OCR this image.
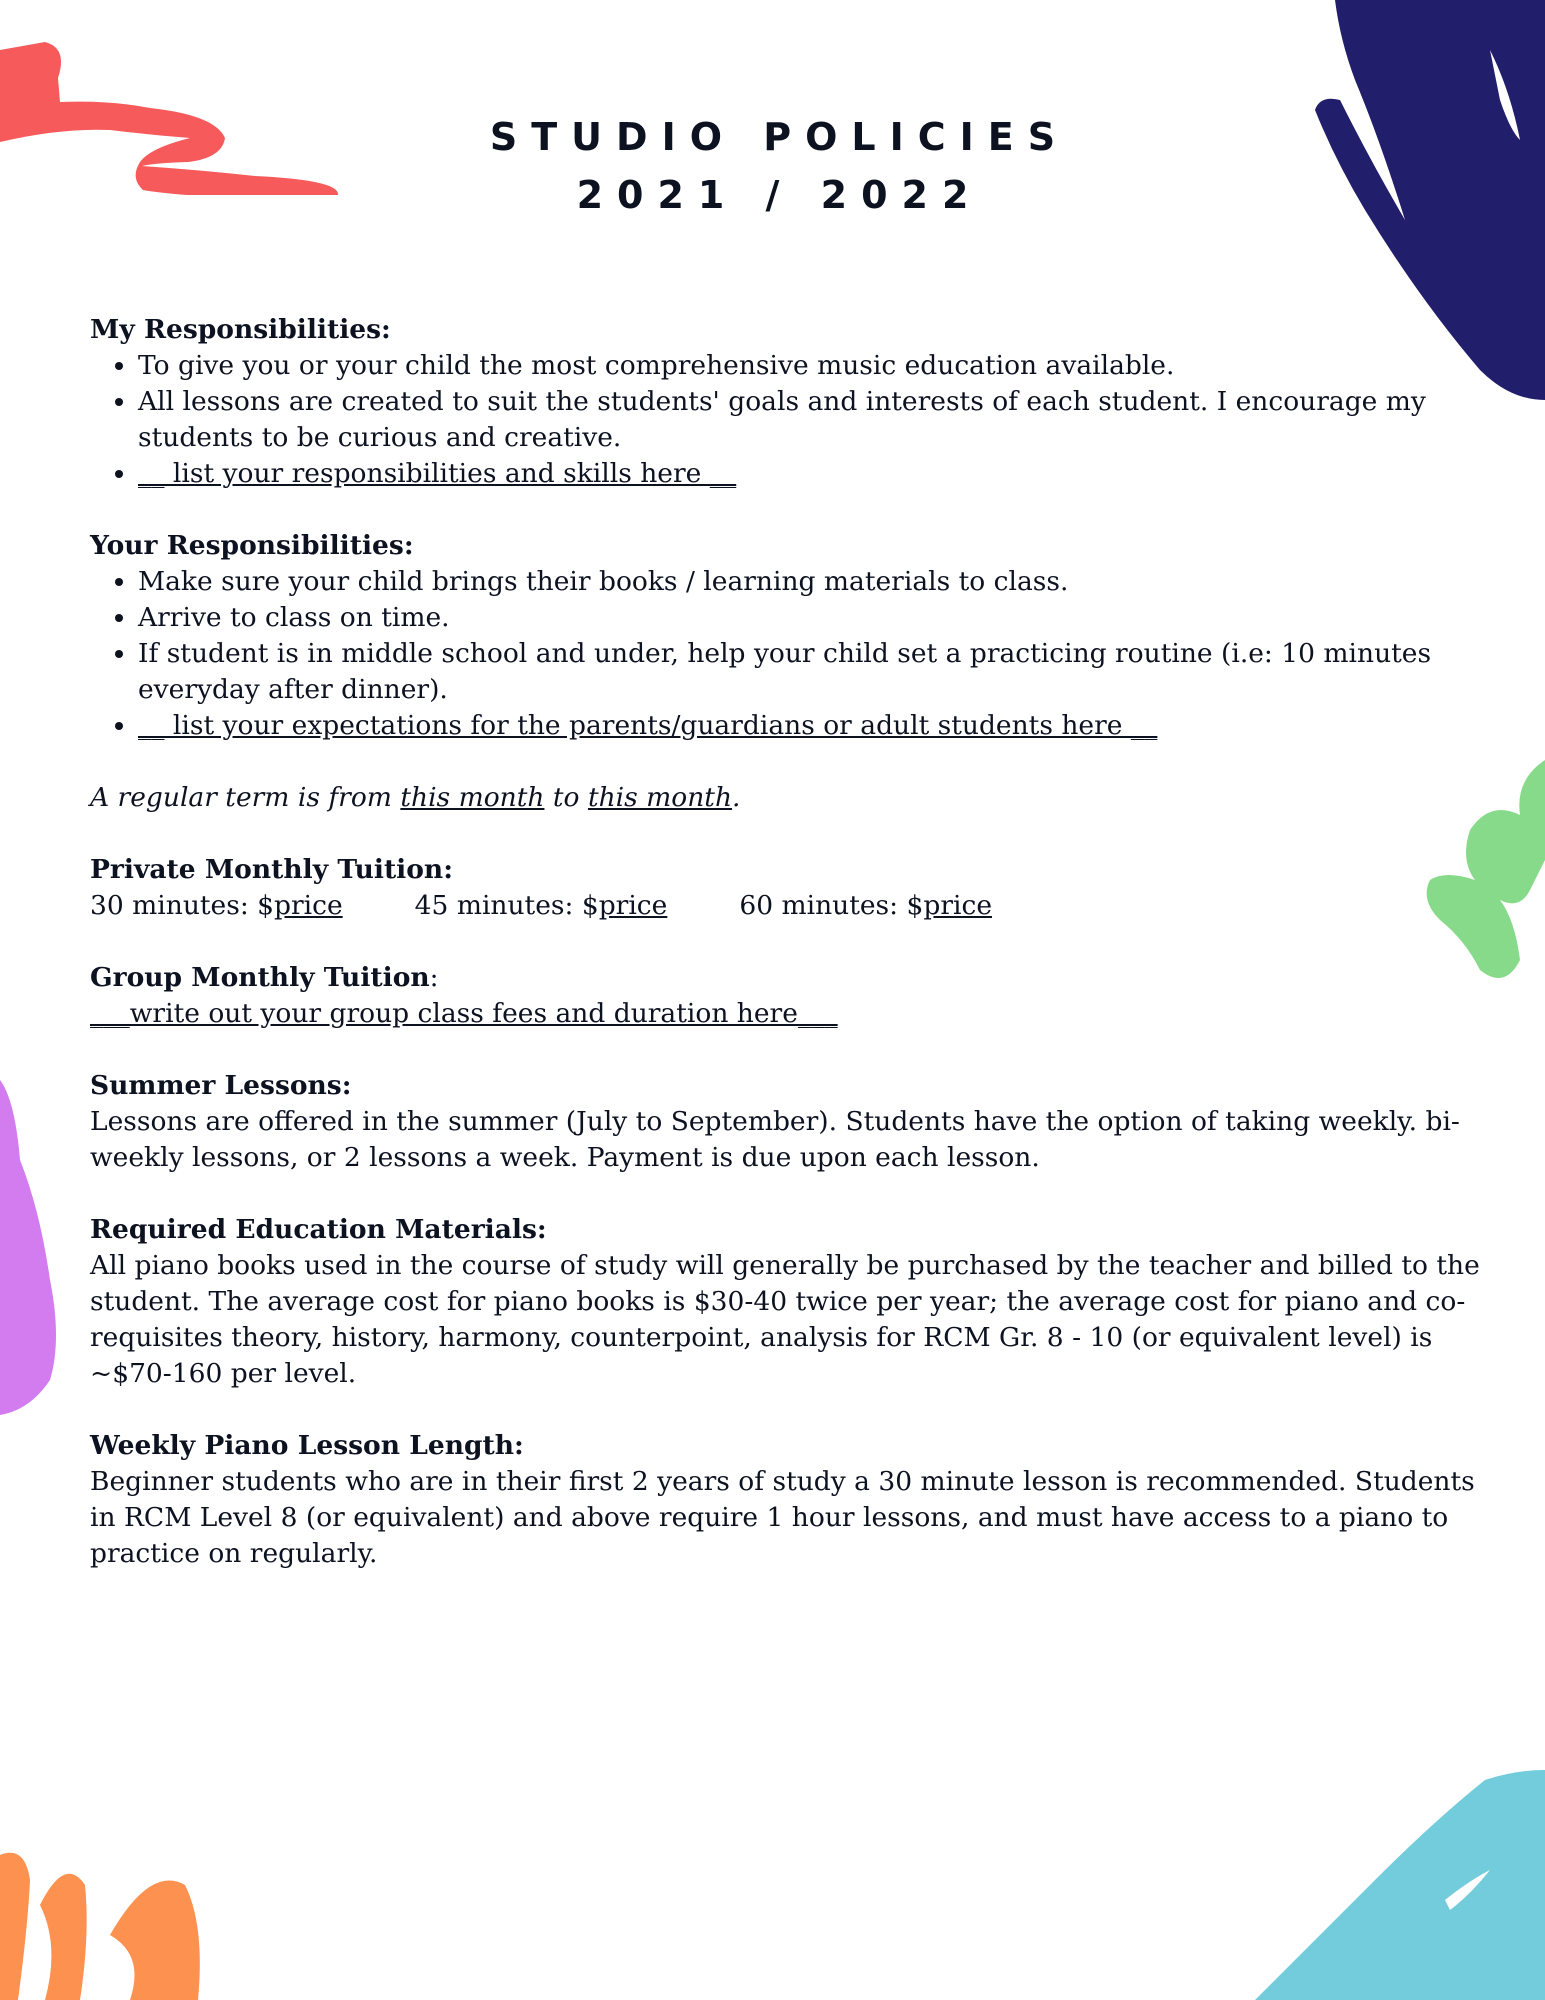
STUDIO POLICIES
2021 / 2022
My Responsibilities:
• To give you or your child the most comprehensive music education available.
• All lessons are created to suit the students' goals and interests of each student. I encourage my students to be curious and creative.
• __ list your responsibilities and skills here __
Your Responsibilities:
• Make sure your child brings their books / learning materials to class.
• Arrive to class on time.
• If student is in middle school and under, help your child set a practicing routine (i.e: 10 minutes everyday after dinner).
• __ list your expectations for the parents/guardians or adult students here __
A regular term is from this month to this month.
Private Monthly Tuition:
30 minutes: $price	45 minutes: $price	60 minutes: $price
Group Monthly Tuition:
___write out your group class fees and duration here___
Summer Lessons:
Lessons are offered in the summer (July to September). Students have the option of taking weekly. bi-weekly lessons, or 2 lessons a week. Payment is due upon each lesson.
Required Education Materials:
All piano books used in the course of study will generally be purchased by the teacher and billed to the student. The average cost for piano books is $30-40 twice per year; the average cost for piano and co-requisites theory, history, harmony, counterpoint, analysis for RCM Gr. 8 - 10 (or equivalent level) is ~$70-160 per level.
Weekly Piano Lesson Length:
Beginner students who are in their first 2 years of study a 30 minute lesson is recommended. Students in RCM Level 8 (or equivalent) and above require 1 hour lessons, and must have access to a piano to practice on regularly.
